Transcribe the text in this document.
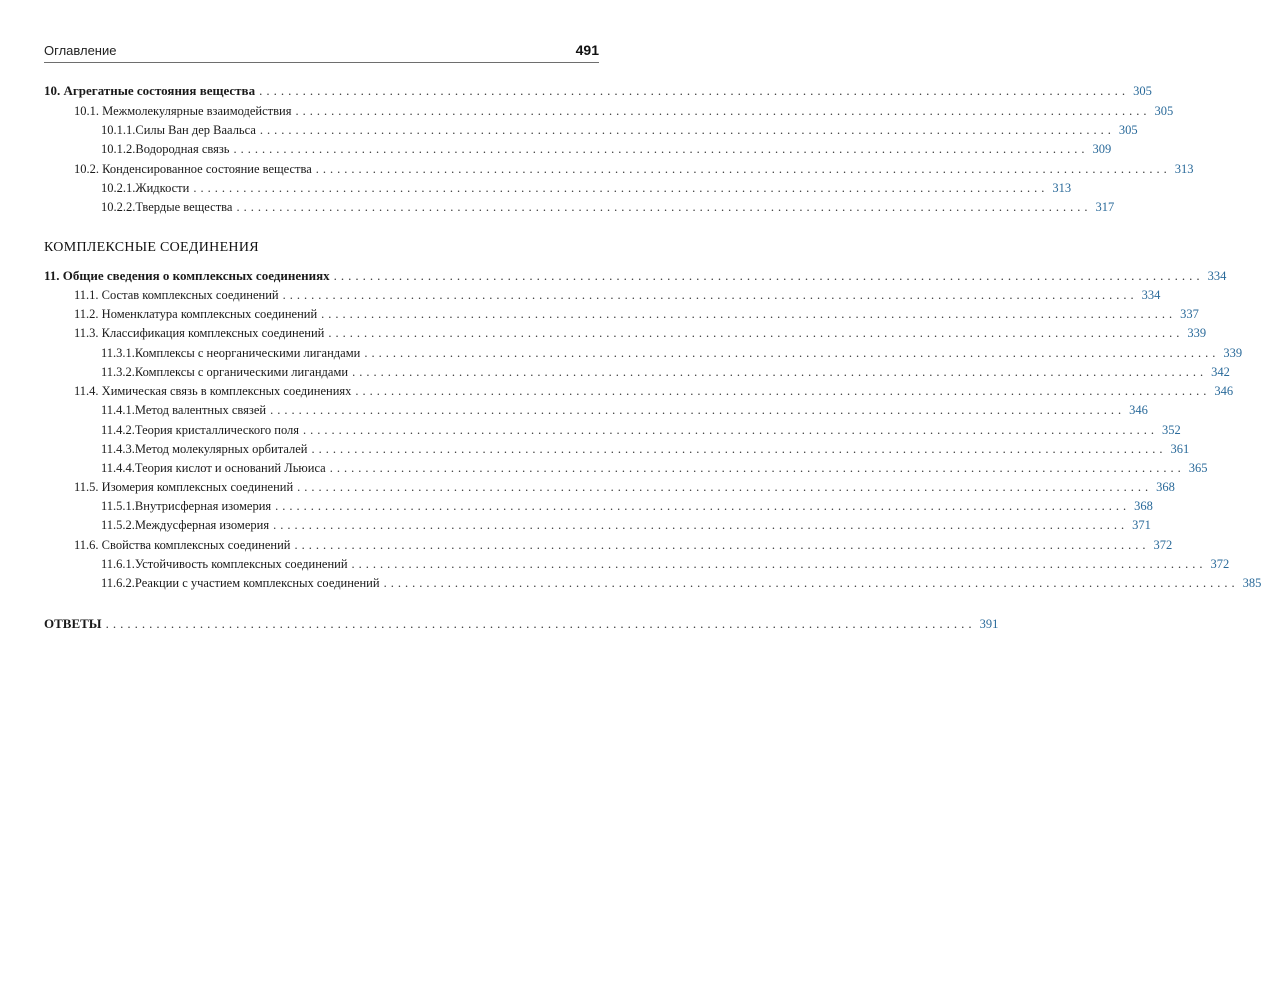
Оглавление	491
КОМПЛЕКСНЫЕ СОЕДИНЕНИЯ
10. Агрегатные состояния вещества ........................................................................................................................ 305
10.1. Межмолекулярные взаимодействия ........................................................................................................................ 305
10.1.1.Силы Ван дер Ваальса ........................................................................................................................ 305
10.1.2.Водородная связь ........................................................................................................................ 309
10.2. Конденсированное состояние вещества ........................................................................................................................ 313
10.2.1.Жидкости ........................................................................................................................ 313
10.2.2.Твердые вещества ........................................................................................................................ 317
11. Общие сведения о комплексных соединениях ........................................................................................................................ 334
11.1. Состав комплексных соединений ........................................................................................................................ 334
11.2. Номенклатура комплексных соединений ........................................................................................................................ 337
11.3. Классификация комплексных соединений ........................................................................................................................ 339
11.3.1.Комплексы с неорганическими лигандами ........................................................................................................................ 339
11.3.2.Комплексы с органическими лигандами ........................................................................................................................ 342
11.4. Химическая связь в комплексных соединениях ........................................................................................................................ 346
11.4.1.Метод валентных связей ........................................................................................................................ 346
11.4.2.Теория кристаллического поля ........................................................................................................................ 352
11.4.3.Метод молекулярных орбиталей ........................................................................................................................ 361
11.4.4.Теория кислот и оснований Льюиса ........................................................................................................................ 365
11.5. Изомерия комплексных соединений ........................................................................................................................ 368
11.5.1.Внутрисферная изомерия ........................................................................................................................ 368
11.5.2.Междусферная изомерия ........................................................................................................................ 371
11.6. Свойства комплексных соединений ........................................................................................................................ 372
11.6.1.Устойчивость комплексных соединений ........................................................................................................................ 372
11.6.2.Реакции с участием комплексных соединений ........................................................................................................................ 385
ОТВЕТЫ ........................................................................................................................ 391
